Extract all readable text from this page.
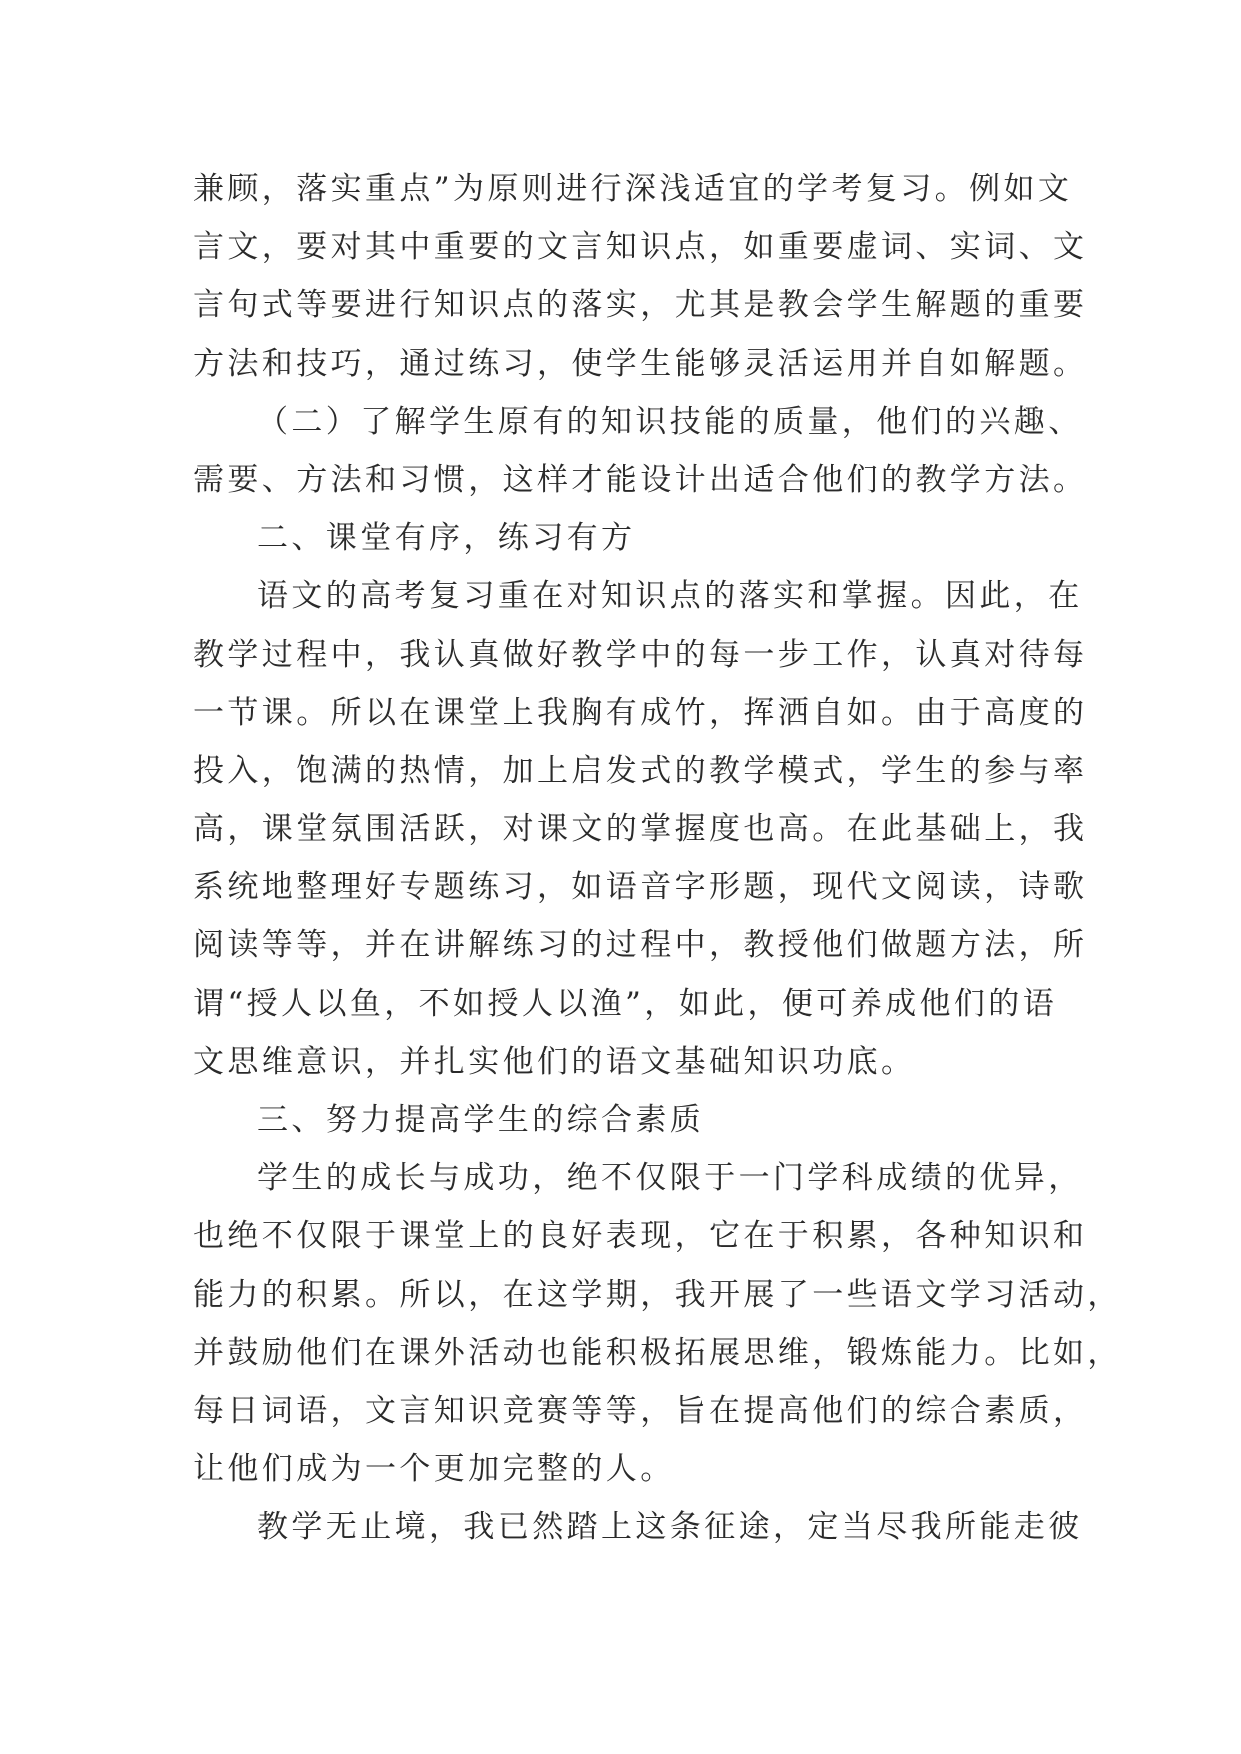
兼顾，落实重点”为原则进行深浅适宜的学考复习。例如文
言文，要对其中重要的文言知识点，如重要虚词、实词、文
言句式等要进行知识点的落实，尤其是教会学生解题的重要
方法和技巧，通过练习，使学生能够灵活运用并自如解题。
（二）了解学生原有的知识技能的质量，他们的兴趣、
需要、方法和习惯，这样才能设计出适合他们的教学方法。
二、课堂有序，练习有方
语文的高考复习重在对知识点的落实和掌握。因此，在
教学过程中，我认真做好教学中的每一步工作，认真对待每
一节课。所以在课堂上我胸有成竹，挥洒自如。由于高度的
投入，饱满的热情，加上启发式的教学模式，学生的参与率
高，课堂氛围活跃，对课文的掌握度也高。在此基础上，我
系统地整理好专题练习，如语音字形题，现代文阅读，诗歌
阅读等等，并在讲解练习的过程中，教授他们做题方法，所
谓“授人以鱼，不如授人以渔”，如此，便可养成他们的语
文思维意识，并扎实他们的语文基础知识功底。
三、努力提高学生的综合素质
学生的成长与成功，绝不仅限于一门学科成绩的优异，
也绝不仅限于课堂上的良好表现，它在于积累，各种知识和
能力的积累。所以，在这学期，我开展了一些语文学习活动，
并鼓励他们在课外活动也能积极拓展思维，锻炼能力。比如，
每日词语，文言知识竞赛等等，旨在提高他们的综合素质，
让他们成为一个更加完整的人。
教学无止境，我已然踏上这条征途，定当尽我所能走彼
